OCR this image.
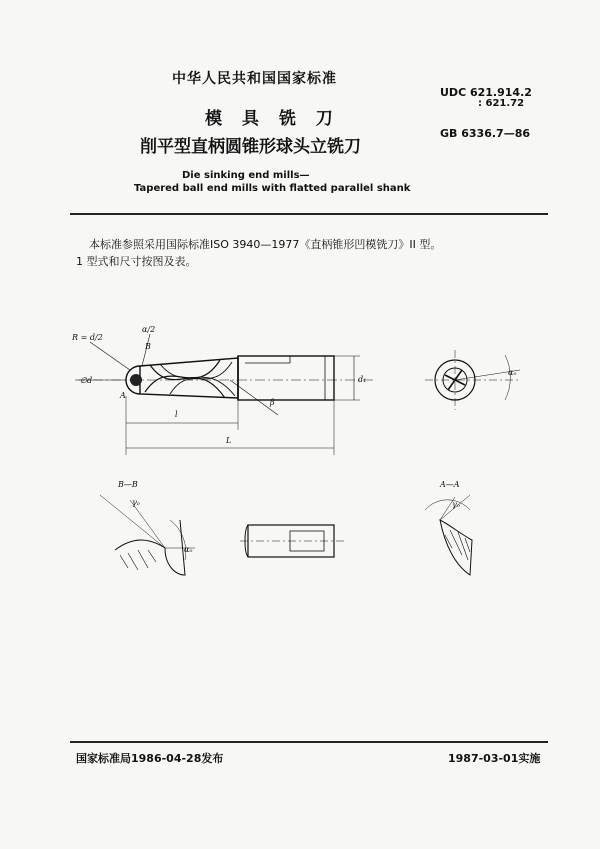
中华人民共和国国家标准
UDC 621.914.2
: 621.72
GB 6336.7—86
模 具 铣 刀
削平型直柄圆锥形球头立铣刀
Die sinking end mills—
Tapered ball end mills with flatted parallel shank
本标准参照采用国际标准ISO 3940—1977《直柄锥形凹模铣刀》II 型。
1 型式和尺寸按图及表。
R = d/2
α/2
B
A
∅d	d₁
l
L
β
αₒ
B—B
γₒ
αₒ
A—A
γₒ
国家标准局1986-04-28发布	1987-03-01实施
